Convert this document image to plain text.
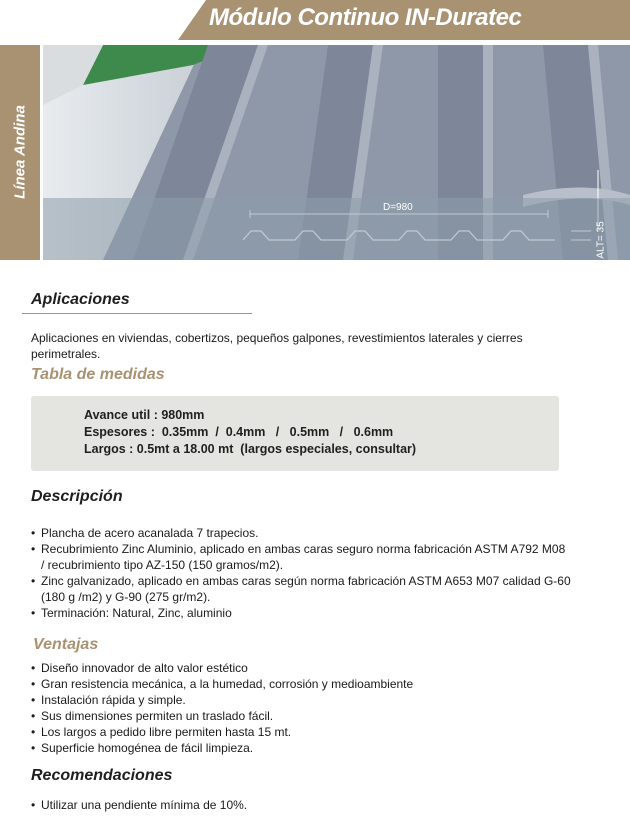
Módulo Continuo IN-Duratec
Línea Andina
D=980
ALT= 35
Aplicaciones

Aplicaciones en viviendas, cobertizos, pequeños galpones, revestimientos laterales y cierres perimetrales.

Tabla de medidas

Avance util : 980mm

Espesores :  0.35mm  /  0.4mm   /   0.5mm   /   0.6mm

Largos : 0.5mt a 18.00 mt  (largos especiales, consultar)

Descripción
• Plancha de acero acanalada 7 trapecios.
• Recubrimiento Zinc Aluminio, aplicado en ambas caras seguro norma fabricación ASTM A792 M08 / recubrimiento tipo AZ-150 (150 gramos/m2).
• Zinc galvanizado, aplicado en ambas caras según norma fabricación ASTM A653 M07 calidad G-60 (180 g /m2) y G-90 (275 gr/m2).
• Terminación: Natural, Zinc, aluminio
Ventajas
• Diseño innovador de alto valor estético
• Gran resistencia mecánica, a la humedad, corrosión y medioambiente
• Instalación rápida y simple.
• Sus dimensiones permiten un traslado fácil.
• Los largos a pedido libre permiten hasta 15 mt.
• Superficie homogénea de fácil limpieza.
Recomendaciones
• Utilizar una pendiente mínima de 10%.
